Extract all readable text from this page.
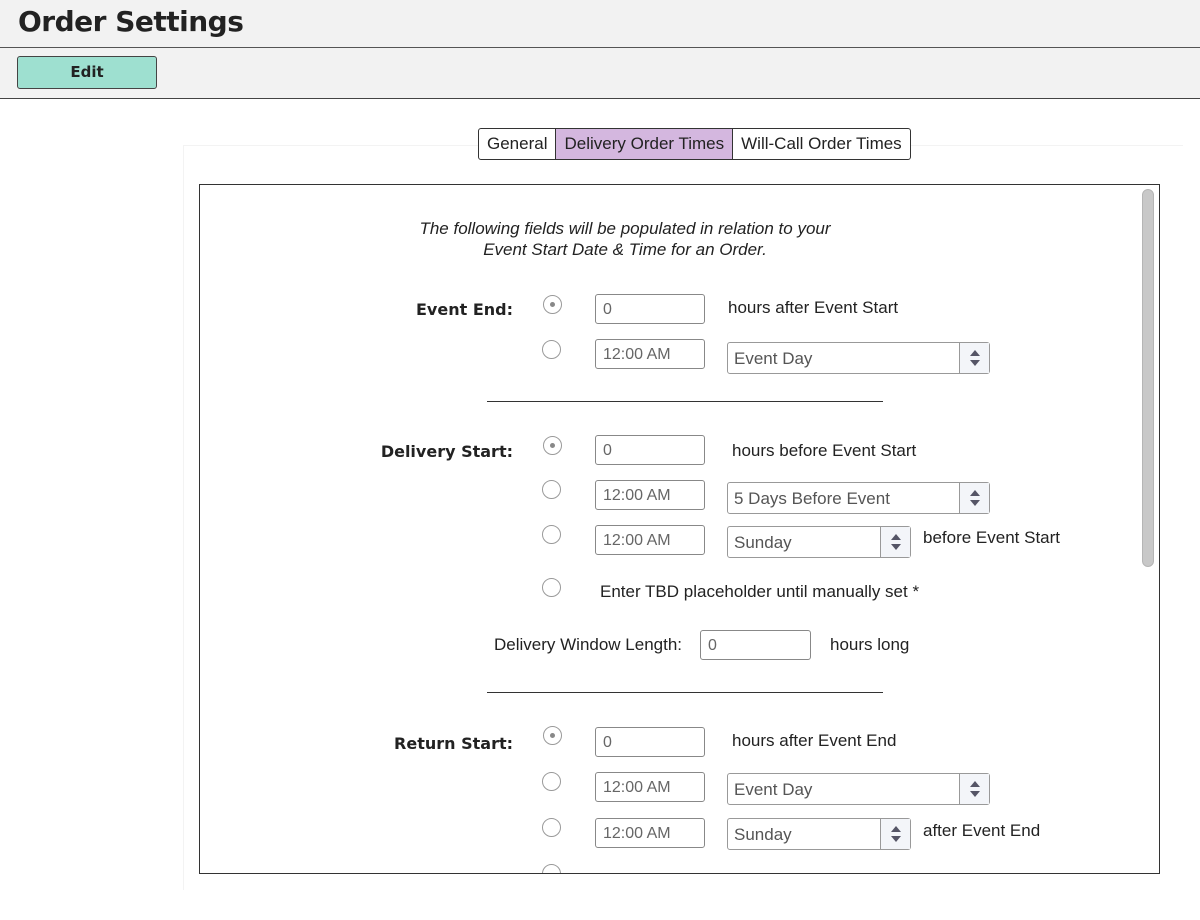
Order Settings
Edit
General	Delivery Order Times	Will-Call Order Times
The following fields will be populated in relation to your Event Start Date & Time for an Order.
Event End:	0	hours after Event Start
12:00 AM	Event Day
Delivery Start:	0	hours before Event Start
12:00 AM	5 Days Before Event
12:00 AM	Sunday	before Event Start
Enter TBD placeholder until manually set *
Delivery Window Length:	0	hours long
Return Start:	0	hours after Event End
12:00 AM	Event Day
12:00 AM	Sunday	after Event End
